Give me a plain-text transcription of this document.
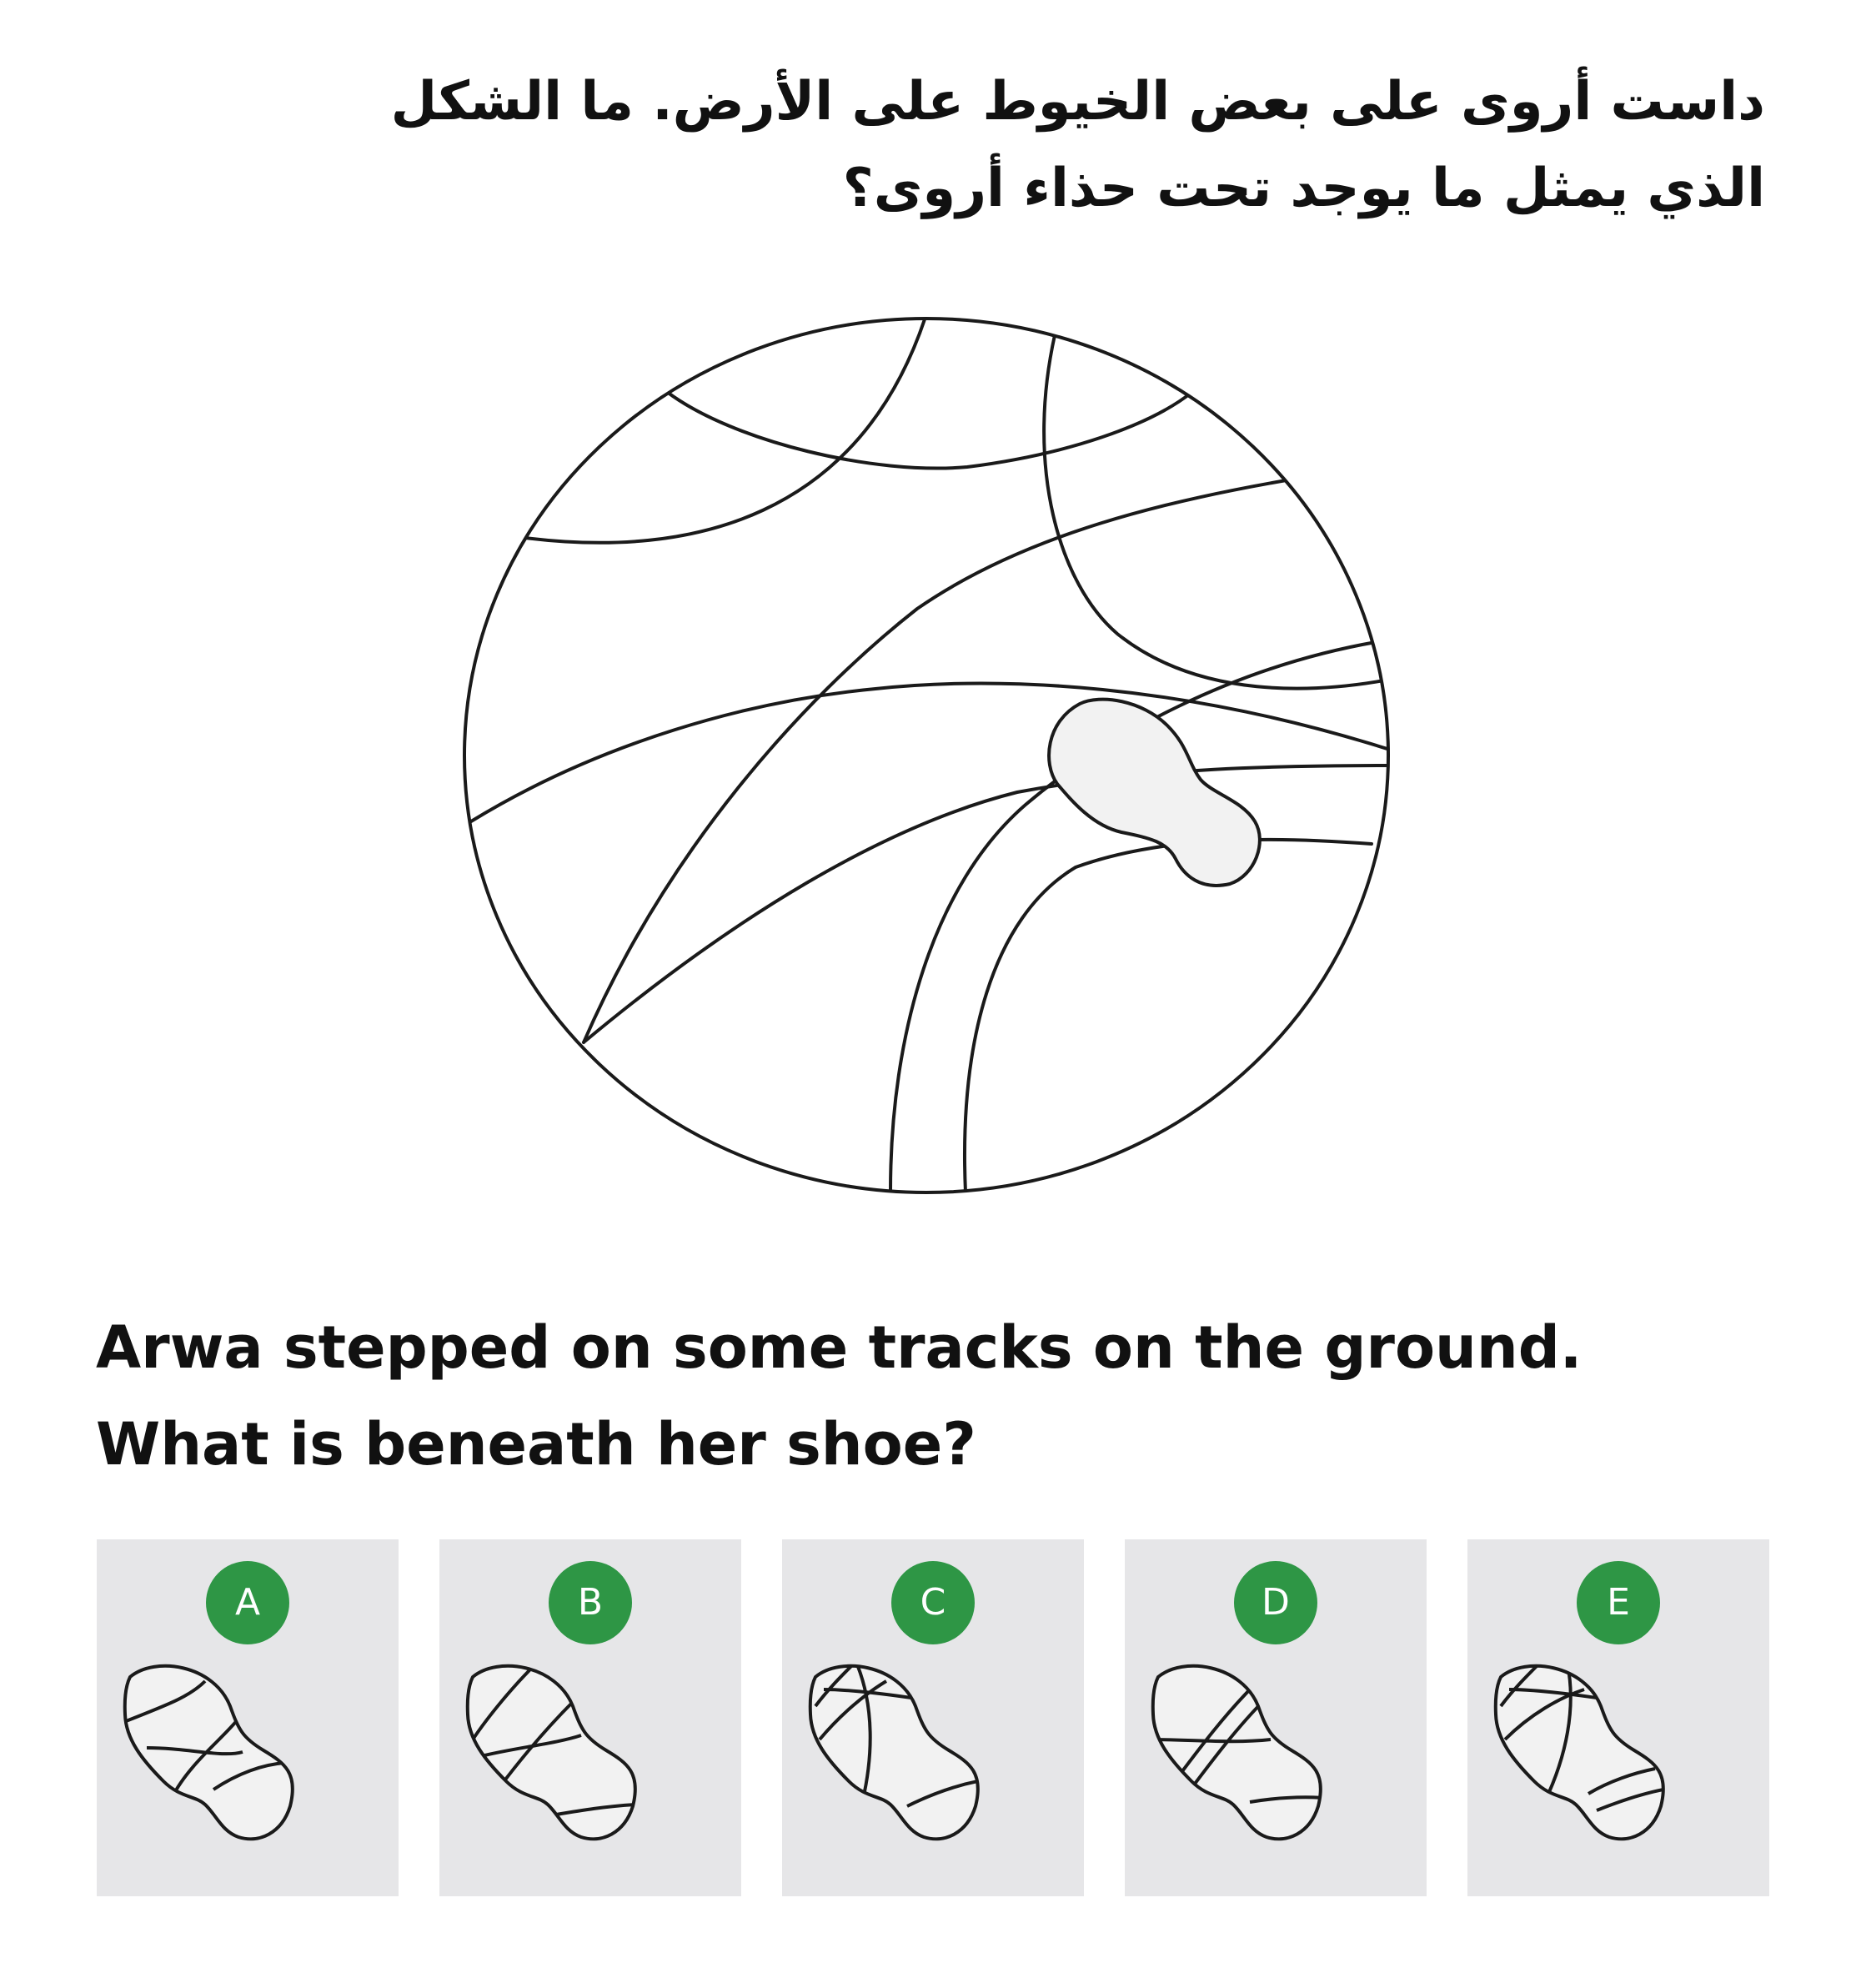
داست أروى على بعض الخيوط على الأرض. ما الشكل
الذي يمثل ما يوجد تحت حذاء أروى؟
Arwa stepped on some tracks on the ground.
What is beneath her shoe?
A	B	C	D	E
